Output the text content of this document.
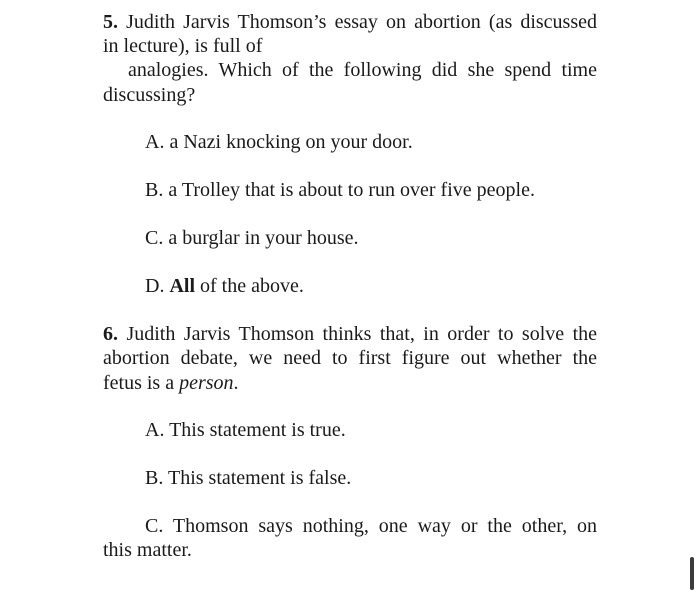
5. Judith Jarvis Thomson’s essay on abortion (as discussed
in lecture), is full of
analogies. Which of the following did she spend time
discussing?
A. a Nazi knocking on your door.
B. a Trolley that is about to run over five people.
C. a burglar in your house.
D. All of the above.
6. Judith Jarvis Thomson thinks that, in order to solve the
abortion debate, we need to first figure out whether the
fetus is a person.
A. This statement is true.
B. This statement is false.
C. Thomson says nothing, one way or the other, on
this matter.
